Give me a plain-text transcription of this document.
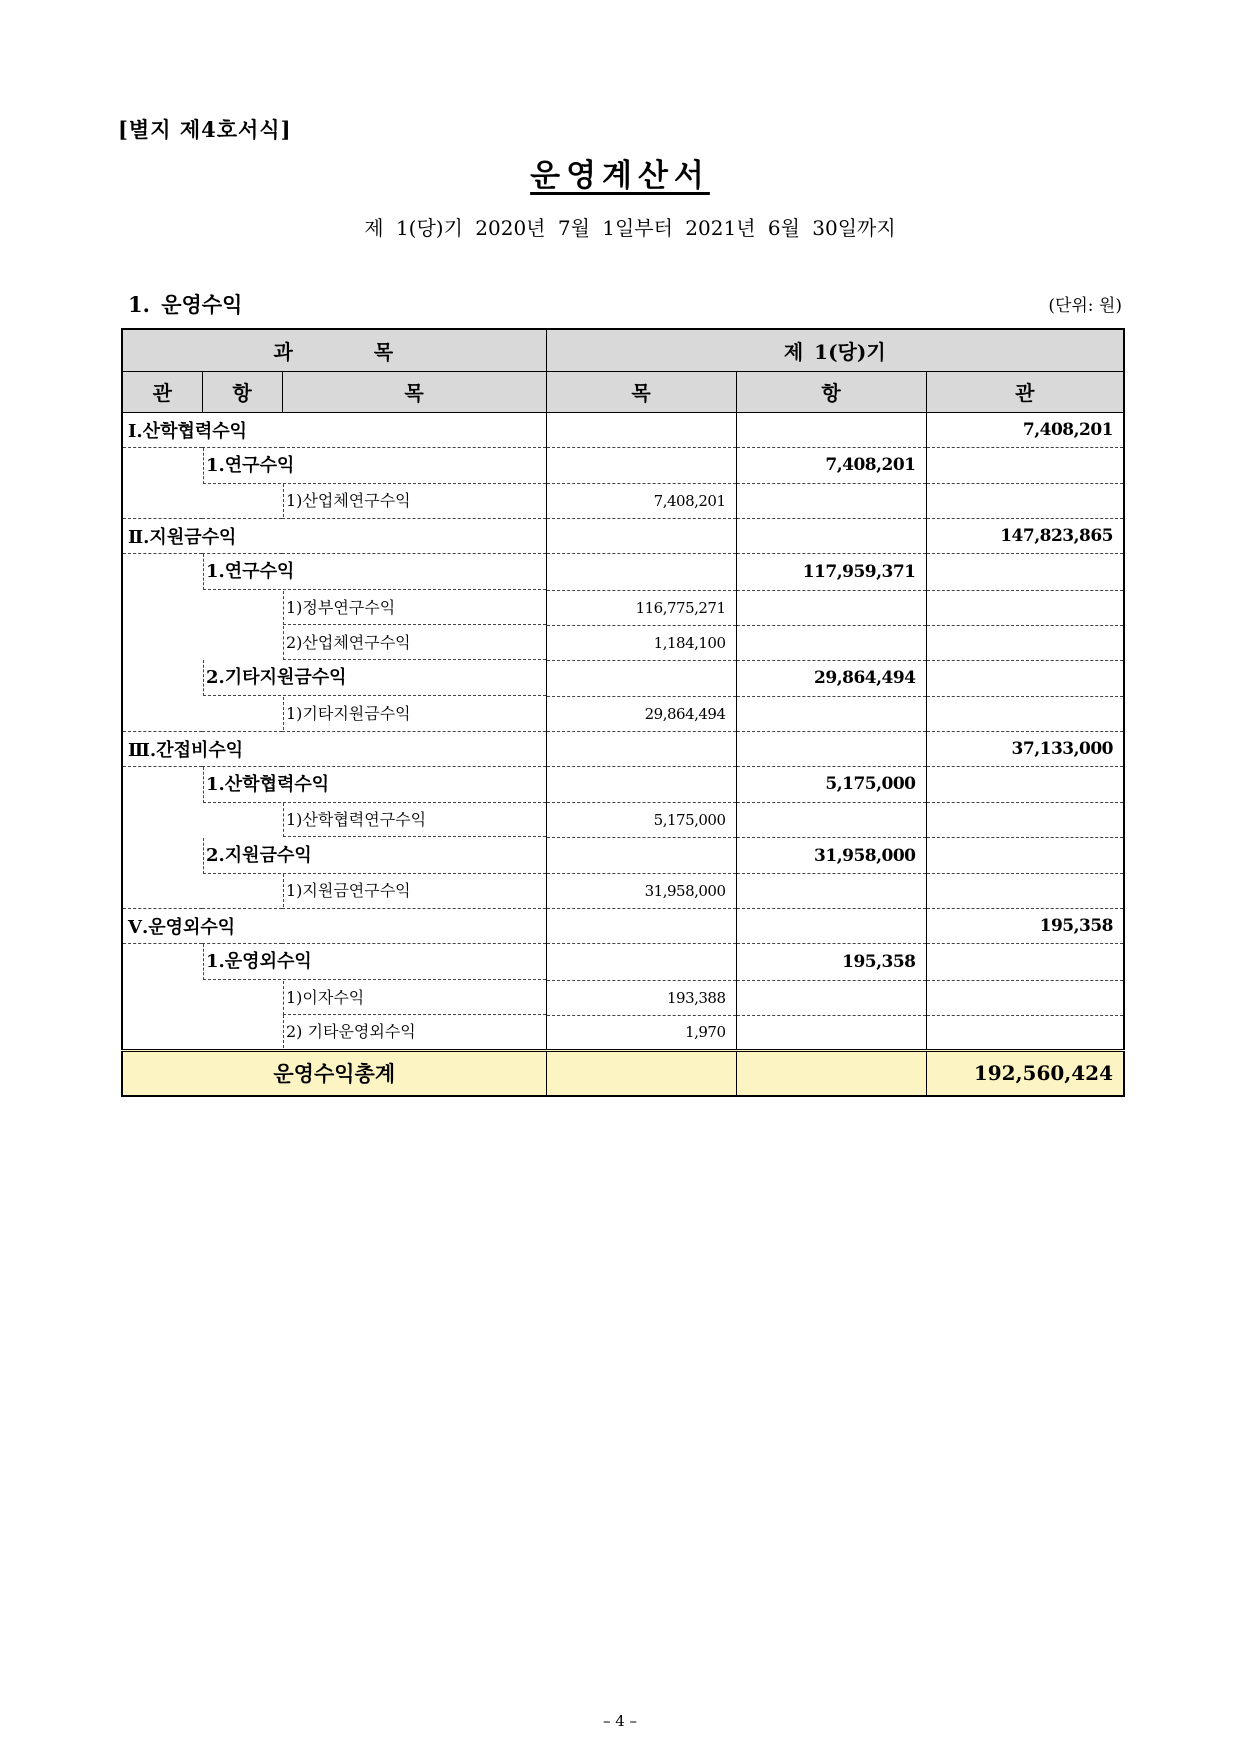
[별지 제4호서식]
운영계산서
제 1(당)기 2020년 7월 1일부터 2021년 6월 30일까지
1. 운영수익	(단위: 원)
과 목			제 1(당)기		
관	항	목	목	항	관
Ⅰ.산학협력수익					7,408,201

1.연구수익				7,408,201	

1)산업체연구수익			7,408,201		
Ⅱ.지원금수익					147,823,865

1.연구수익				117,959,371	

1)정부연구수익			116,775,271		

2)산업체연구수익			1,184,100		

2.기타지원금수익				29,864,494	

1)기타지원금수익			29,864,494		
Ⅲ.간접비수익					37,133,000

1.산학협력수익				5,175,000	

1)산학협력연구수익			5,175,000		

2.지원금수익				31,958,000	

1)지원금연구수익			31,958,000		
Ⅴ.운영외수익					195,358

1.운영외수익				195,358	

1)이자수익			193,388		

2) 기타운영외수익			1,970		
운영수익총계					192,560,424
– 4 –
